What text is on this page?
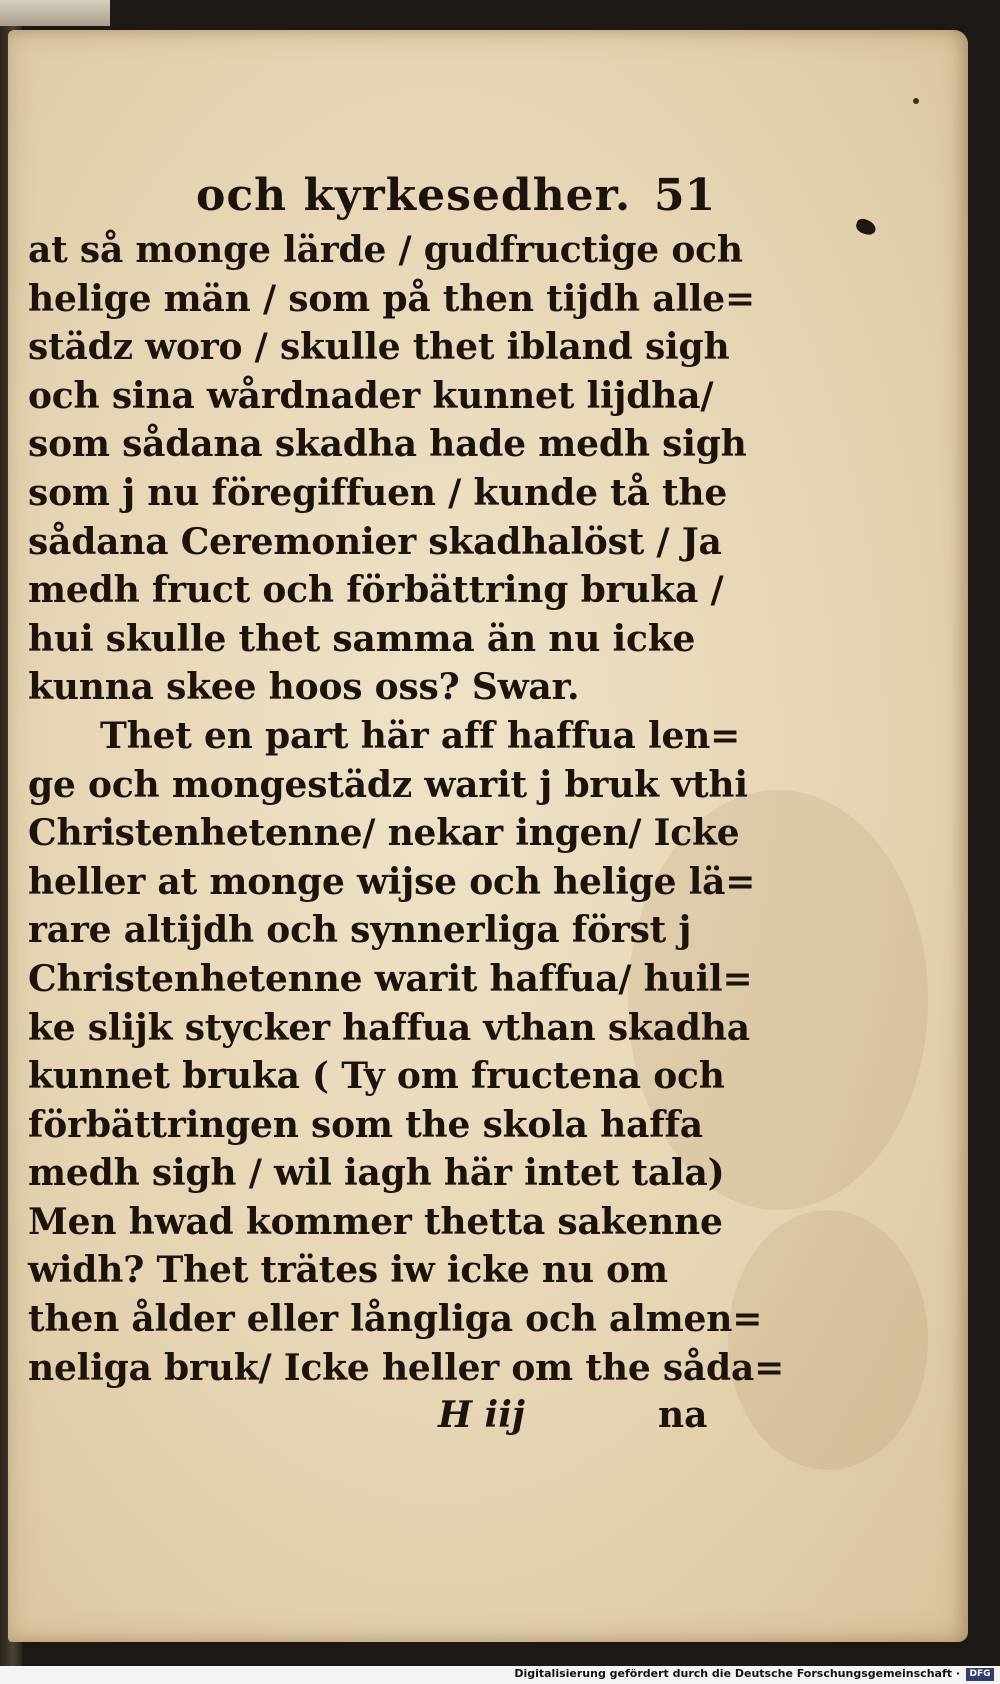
och kyrkesedher. 51
at så monge lärde / gudfructige och
helige män / som på then tijdh alle=
städz woro / skulle thet ibland sigh
och sina wårdnader kunnet lijdha/
som sådana skadha hade medh sigh
som j nu föregiffuen / kunde tå the
sådana Ceremonier skadhalöst / Ja
medh fruct och förbättring bruka /
hui skulle thet samma än nu icke
kunna skee hoos oss? Swar.
Thet en part här aff haffua len=
ge och mongestädz warit j bruk vthi
Christenhetenne/ nekar ingen/ Icke
heller at monge wijse och helige lä=
rare altijdh och synnerliga först j
Christenhetenne warit haffua/ huil=
ke slijk stycker haffua vthan skadha
kunnet bruka ( Ty om fructena och
förbättringen som the skola haffa
medh sigh / wil iagh här intet tala)
Men hwad kommer thetta sakenne
widh? Thet trätes iw icke nu om
then ålder eller långliga och almen=
neliga bruk/ Icke heller om the såda=
H iij	na
Digitalisierung gefördert durch die Deutsche Forschungsgemeinschaft ·	DFG
